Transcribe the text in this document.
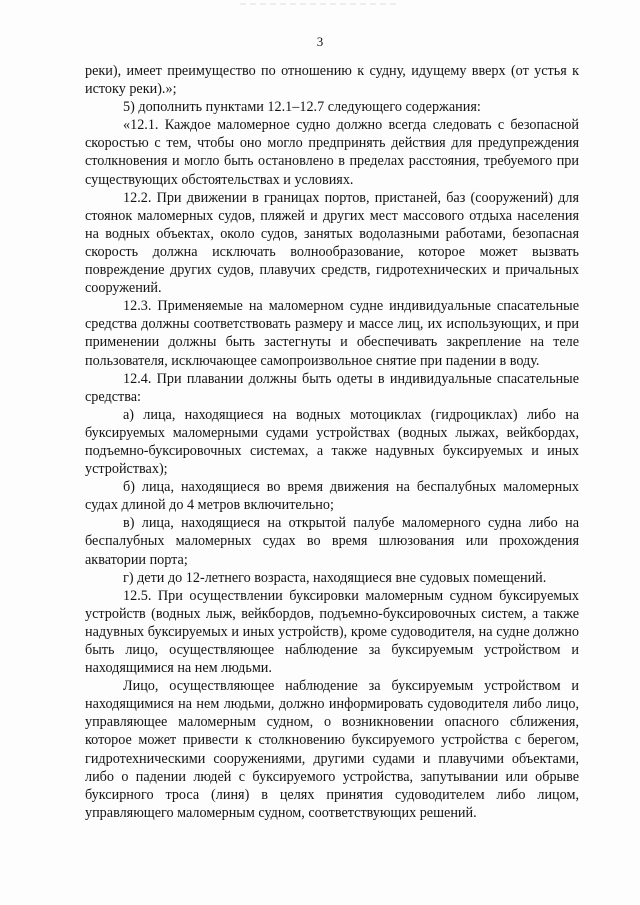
3

реки), имеет преимущество по отношению к судну, идущему вверх (от устья к истоку реки).»;

5) дополнить пунктами 12.1–12.7 следующего содержания:

«12.1. Каждое маломерное судно должно всегда следовать с безопасной скоростью с тем, чтобы оно могло предпринять действия для предупреждения столкновения и могло быть остановлено в пределах расстояния, требуемого при существующих обстоятельствах и условиях.

12.2. При движении в границах портов, пристаней, баз (сооружений) для стоянок маломерных судов, пляжей и других мест массового отдыха населения на водных объектах, около судов, занятых водолазными работами, безопасная скорость должна исключать волнообразование, которое может вызвать повреждение других судов, плавучих средств, гидротехнических и причальных сооружений.

12.3. Применяемые на маломерном судне индивидуальные спасательные средства должны соответствовать размеру и массе лиц, их использующих, и при применении должны быть застегнуты и обеспечивать закрепление на теле пользователя, исключающее самопроизвольное снятие при падении в воду.

12.4. При плавании должны быть одеты в индивидуальные спасательные средства:

а) лица, находящиеся на водных мотоциклах (гидроциклах) либо на буксируемых маломерными судами устройствах (водных лыжах, вейкбордах, подъемно-буксировочных системах, а также надувных буксируемых и иных устройствах);

б) лица, находящиеся во время движения на беспалубных маломерных судах длиной до 4 метров включительно;

в) лица, находящиеся на открытой палубе маломерного судна либо на беспалубных маломерных судах во время шлюзования или прохождения акватории порта;

г) дети до 12-летнего возраста, находящиеся вне судовых помещений.

12.5. При осуществлении буксировки маломерным судном буксируемых устройств (водных лыж, вейкбордов, подъемно-буксировочных систем, а также надувных буксируемых и иных устройств), кроме судоводителя, на судне должно быть лицо, осуществляющее наблюдение за буксируемым устройством и находящимися на нем людьми.

Лицо, осуществляющее наблюдение за буксируемым устройством и находящимися на нем людьми, должно информировать судоводителя либо лицо, управляющее маломерным судном, о возникновении опасного сближения, которое может привести к столкновению буксируемого устройства с берегом, гидротехническими сооружениями, другими судами и плавучими объектами, либо о падении людей с буксируемого устройства, запутывании или обрыве буксирного троса (линя) в целях принятия судоводителем либо лицом, управляющего маломерным судном, соответствующих решений.
